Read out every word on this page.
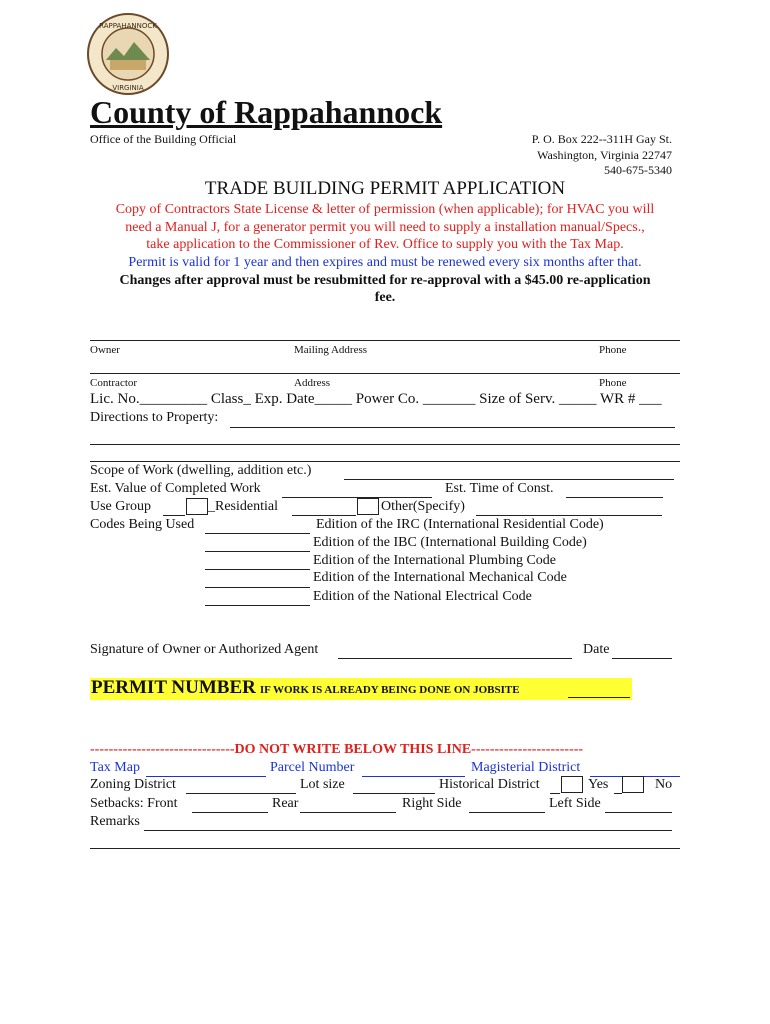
RAPPAHANNOCK
VIRGINIA
County of Rappahannock
Office of the Building Official	P. O. Box 222--311H Gay St.
Washington, Virginia 22747
540-675-5340
TRADE BUILDING PERMIT APPLICATION
Copy of Contractors State License & letter of permission (when applicable); for HVAC you will
need a Manual J, for a generator permit you will need to supply a installation manual/Specs.,
take application to the Commissioner of Rev. Office to supply you with the Tax Map.
Permit is valid for 1 year and then expires and must be renewed every six months after that.
Changes after approval must be resubmitted for re-approval with a $45.00 re-application
fee.
Owner	Mailing Address	Phone
Contractor	Address	Phone
Lic. No._________ Class_ Exp. Date_____ Power Co. _______ Size of Serv. _____ WR # ___
Directions to Property:
Scope of Work (dwelling, addition etc.)
Est. Value of Completed Work	Est. Time of Const.
Use Group	_Residential	Other(Specify)
Codes Being Used	Edition of the IRC (International Residential Code)
Edition of the IBC (International Building Code)
Edition of the International Plumbing Code
Edition of the International Mechanical Code
Edition of the National Electrical Code
Signature of Owner or Authorized Agent	Date
PERMIT NUMBER IF WORK IS ALREADY BEING DONE ON JOBSITE
-------------------------------DO NOT WRITE BELOW THIS LINE------------------------
Tax Map	Parcel Number	Magisterial District
Zoning District	Lot size	Historical District	Yes	No
Setbacks: Front	Rear	Right Side	Left Side
Remarks
